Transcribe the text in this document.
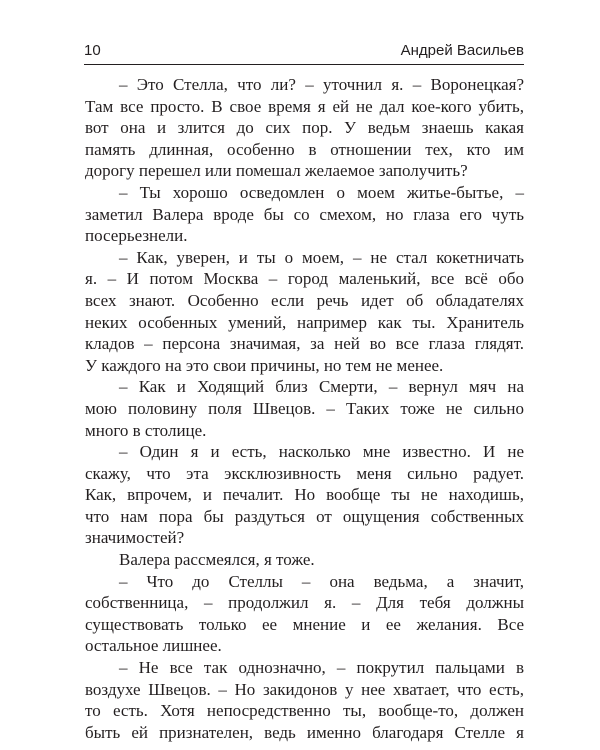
10	Андрей Васильев
– Это Стелла, что ли? – уточнил я. – Воронецкая?
Там все просто. В свое время я ей не дал кое-кого убить,
вот она и злится до сих пор. У ведьм знаешь какая
память длинная, особенно в отношении тех, кто им
дорогу перешел или помешал желаемое заполучить?
– Ты хорошо осведомлен о моем житье-бытье, –
заметил Валера вроде бы со смехом, но глаза его чуть
посерьезнели.
– Как, уверен, и ты о моем, – не стал кокетничать
я. – И потом Москва – город маленький, все всё обо
всех знают. Особенно если речь идет об обладателях
неких особенных умений, например как ты. Хранитель
кладов – персона значимая, за ней во все глаза глядят.
У каждого на это свои причины, но тем не менее.
– Как и Ходящий близ Смерти, – вернул мяч на
мою половину поля Швецов. – Таких тоже не сильно
много в столице.
– Один я и есть, насколько мне известно. И не
скажу, что эта эксклюзивность меня сильно радует.
Как, впрочем, и печалит. Но вообще ты не находишь,
что нам пора бы раздуться от ощущения собственных
значимостей?
Валера рассмеялся, я тоже.
– Что до Стеллы – она ведьма, а значит,
собственница, – продолжил я. – Для тебя должны
существовать только ее мнение и ее желания. Все
остальное лишнее.
– Не все так однозначно, – покрутил пальцами в
воздухе Швецов. – Но закидонов у нее хватает, что есть,
то есть. Хотя непосредственно ты, вообще-то, должен
быть ей признателен, ведь именно благодаря Стелле я
